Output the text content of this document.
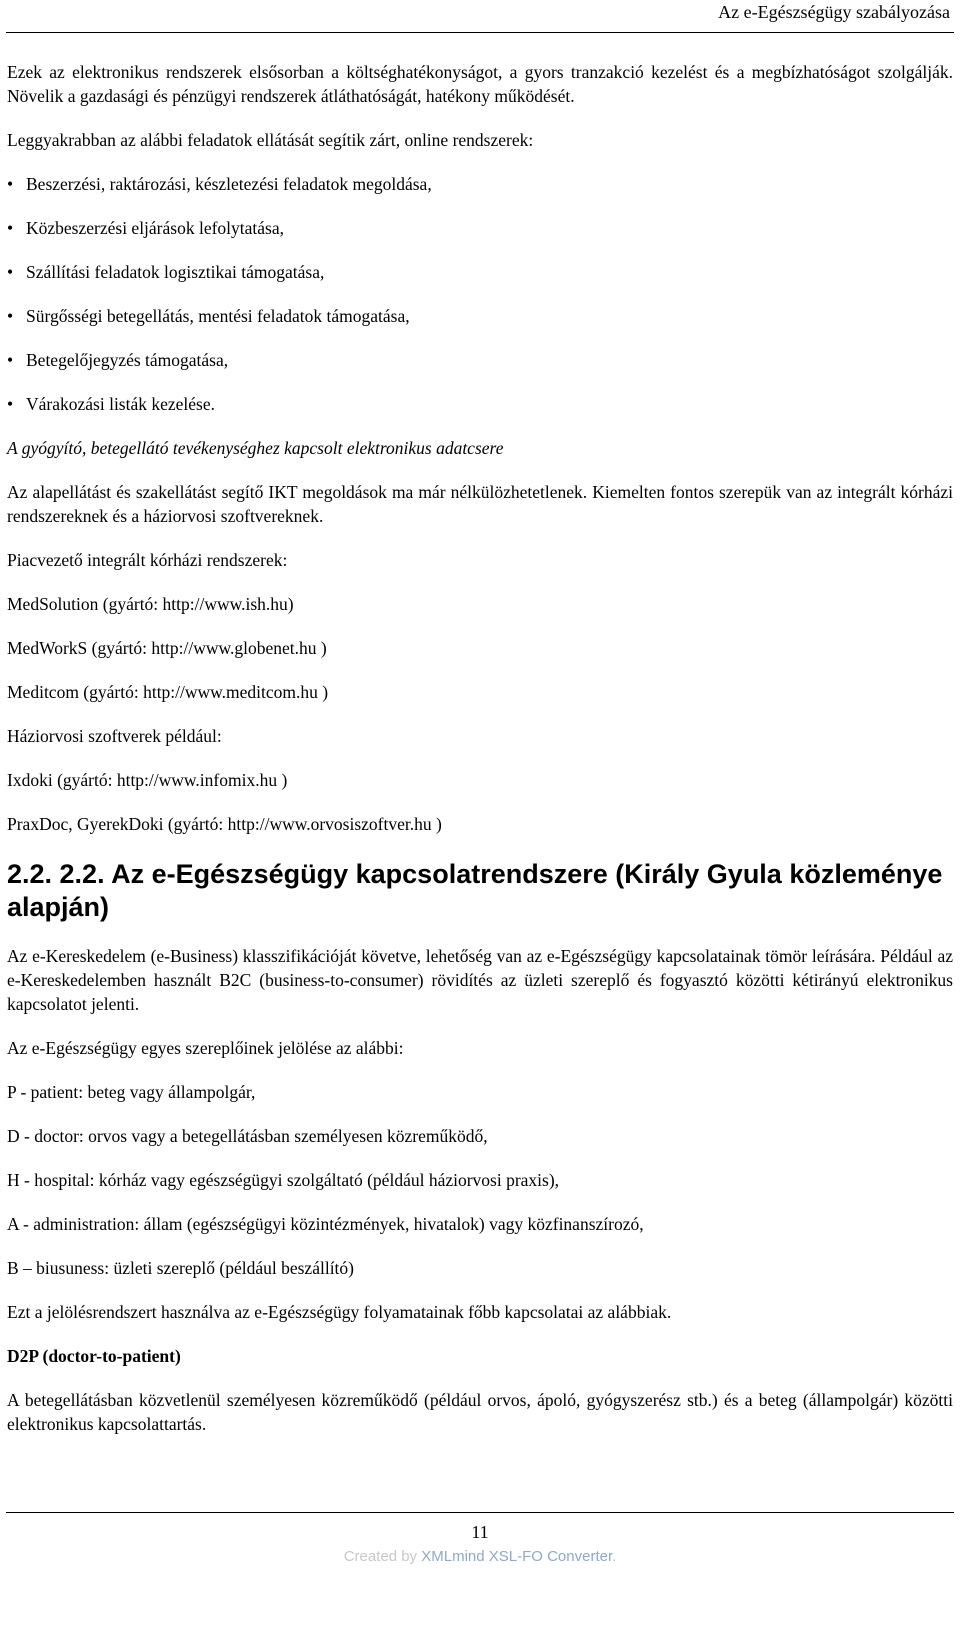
Az e-Egészségügy szabályozása

Ezek az elektronikus rendszerek elsősorban a költséghatékonyságot, a gyors tranzakció kezelést és a megbízhatóságot szolgálják. Növelik a gazdasági és pénzügyi rendszerek átláthatóságát, hatékony működését.

Leggyakrabban az alábbi feladatok ellátását segítik zárt, online rendszerek:

• Beszerzési, raktározási, készletezési feladatok megoldása,
• Közbeszerzési eljárások lefolytatása,
• Szállítási feladatok logisztikai támogatása,
• Sürgősségi betegellátás, mentési feladatok támogatása,
• Betegelőjegyzés támogatása,
• Várakozási listák kezelése.

A gyógyító, betegellátó tevékenységhez kapcsolt elektronikus adatcsere

Az alapellátást és szakellátást segítő IKT megoldások ma már nélkülözhetetlenek. Kiemelten fontos szerepük van az integrált kórházi rendszereknek és a háziorvosi szoftvereknek.

Piacvezető integrált kórházi rendszerek:

MedSolution (gyártó: http://www.ish.hu)

MedWorkS (gyártó: http://www.globenet.hu )

Meditcom (gyártó: http://www.meditcom.hu )

Háziorvosi szoftverek például:

Ixdoki (gyártó: http://www.infomix.hu )

PraxDoc, GyerekDoki (gyártó: http://www.orvosiszoftver.hu )

2.2. 2.2. Az e-Egészségügy kapcsolatrendszere (Király Gyula közleménye alapján)

Az e-Kereskedelem (e-Business) klasszifikációját követve, lehetőség van az e-Egészségügy kapcsolatainak tömör leírására. Például az e-Kereskedelemben használt B2C (business-to-consumer) rövidítés az üzleti szereplő és fogyasztó közötti kétirányú elektronikus kapcsolatot jelenti.

Az e-Egészségügy egyes szereplőinek jelölése az alábbi:

P - patient: beteg vagy állampolgár,

D - doctor: orvos vagy a betegellátásban személyesen közreműködő,

H - hospital: kórház vagy egészségügyi szolgáltató (például háziorvosi praxis),

A - administration: állam (egészségügyi közintézmények, hivatalok) vagy közfinanszírozó,

B – biusuness: üzleti szereplő (például beszállító)

Ezt a jelölésrendszert használva az e-Egészségügy folyamatainak főbb kapcsolatai az alábbiak.

D2P (doctor-to-patient)

A betegellátásban közvetlenül személyesen közreműködő (például orvos, ápoló, gyógyszerész stb.) és a beteg (állampolgár) közötti elektronikus kapcsolattartás.

11
Created by XMLmind XSL-FO Converter.
